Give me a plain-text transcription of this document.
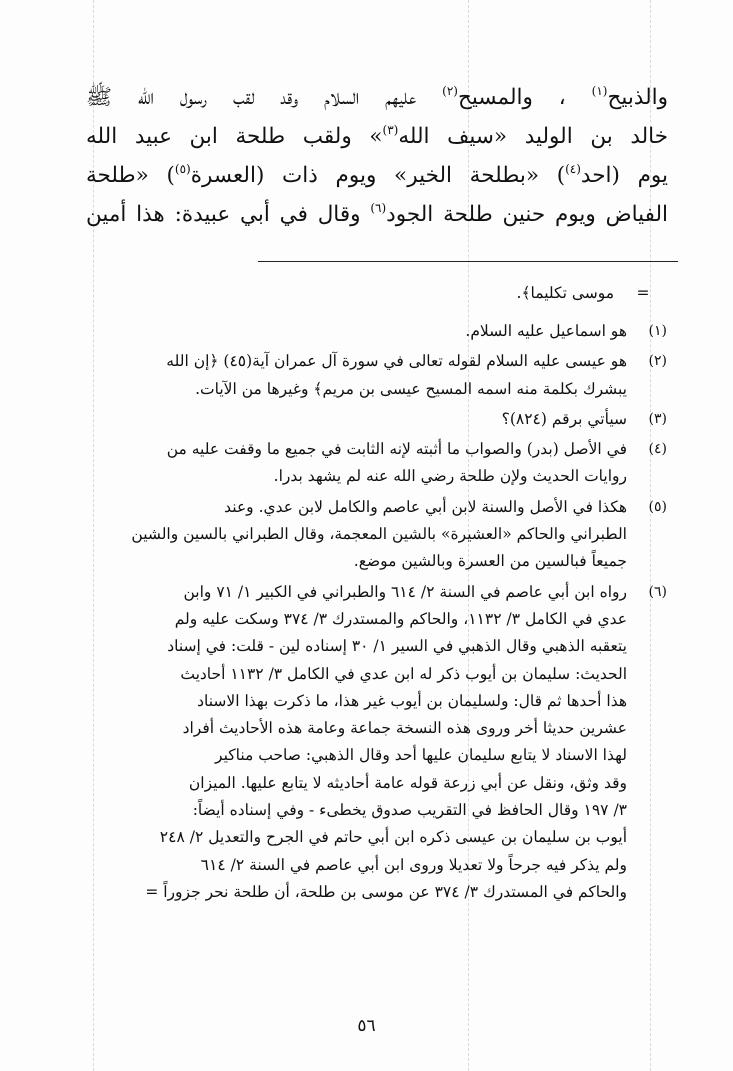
والذبيح$^{(١)}$ ، والمسيح$^{(٢)}$ عليهم السلام وقد لقب رسول الله ﷺ
خالد بن الوليد «سيف الله$^{(٣)}$» ولقب طلحة ابن عبيد الله
يوم (احد$^{(٤)}$) «بطلحة الخير» ويوم ذات (العسرة$^{(٥)}$) «طلحة
الفياض ويوم حنين طلحة الجود$^{(٦)}$ وقال في أبي عبيدة: هذا أمين
= موسى تكليما﴾.
(١)
هو اسماعيل عليه السلام.
(٢)
هو عيسى عليه السلام لقوله تعالى في سورة آل عمران آية(٤٥) ﴿إن الله
يبشرك بكلمة منه اسمه المسيح عيسى بن مريم﴾ وغيرها من الآيات.
(٣)
سيأتي برقم (٨٢٤)؟
(٤)
في الأصل (بدر) والصواب ما أثبته لإنه الثابت في جميع ما وقفت عليه من
روايات الحديث ولإن طلحة رضي الله عنه لم يشهد بدرا.
(٥)
هكذا في الأصل والسنة لابن أبي عاصم والكامل لابن عدي. وعند
الطبراني والحاكم «العشيرة» بالشين المعجمة، وقال الطبراني بالسين والشين
جميعاً فبالسين من العسرة وبالشين موضع.
(٦)
رواه ابن أبي عاصم في السنة ٢/ ٦١٤ والطبراني في الكبير ١/ ٧١ وابن
عدي في الكامل ٣/ ١١٣٢، والحاكم والمستدرك ٣/ ٣٧٤ وسكت عليه ولم
يتعقبه الذهبي وقال الذهبي في السير ١/ ٣٠ إسناده لين - قلت: في إسناد
الحديث: سليمان بن أيوب ذكر له ابن عدي في الكامل ٣/ ١١٣٢ أحاديث
هذا أحدها ثم قال: ولسليمان بن أيوب غير هذا، ما ذكرت بهذا الاسناد
عشرين حديثا أخر وروى هذه النسخة جماعة وعامة هذه الأحاديث أفراد
لهذا الاسناد لا يتابع سليمان عليها أحد وقال الذهبي: صاحب مناكير
وقد وثق، ونقل عن أبي زرعة قوله عامة أحاديثه لا يتابع عليها. الميزان
٣/ ١٩٧ وقال الحافظ في التقريب صدوق يخطىء - وفي إسناده أيضاً:
أيوب بن سليمان بن عيسى ذكره ابن أبي حاتم في الجرح والتعديل ٢/ ٢٤٨
ولم يذكر فيه جرحاً ولا تعديلا وروى ابن أبي عاصم في السنة ٢/ ٦١٤
والحاكم في المستدرك ٣/ ٣٧٤ عن موسى بن طلحة، أن طلحة نحر جزوراً =
٥٦
